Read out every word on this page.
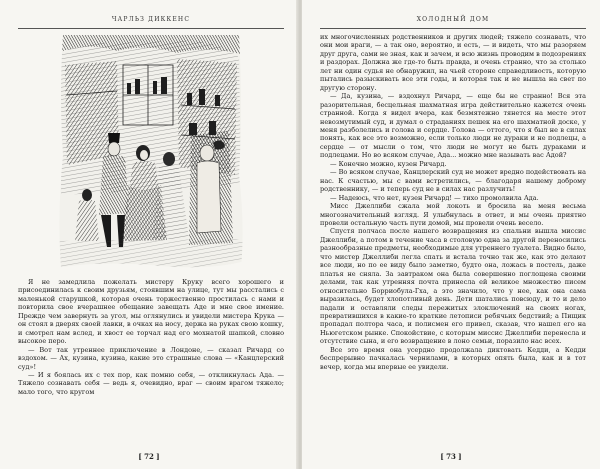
ЧАРЛЬЗ ДИККЕНС

Я не замедлила пожелать мистеру Круку всего хорошего и присоединилась к своим друзьям, стоявшим на улице, тут мы расстались с маленькой старушкой, которая очень торжественно простилась с нами и повторила свое вчерашнее обещание завещать Аде и мне свое имение. Прежде чем завернуть за угол, мы оглянулись и увидели мистера Крука — он стоял в дверях своей лавки, в очках на носу, держа на руках свою кошку, и смотрел нам вслед, и хвост ее торчал над его мохнатой шапкой, словно высокое перо.

— Вот так утреннее приключение в Лондоне, — сказал Ричард со вздохом. — Ах, кузина, кузина, какие это страшные слова — «Канцлерский суд»!

— И я боялась их с тех пор, как помню себя, — откликнулась Ада. — Тяжело сознавать себя — ведь я, очевидно, враг — своим врагом тяжело; мало того, что кругом

[ 72 ]
ХОЛОДНЫЙ ДОМ

их многочисленных родственников и других людей; тяжело сознавать, что они мои враги, — а так оно, вероятно, и есть, — и видеть, что мы разоряем друг друга, сами не зная, как и зачем, и всю жизнь проводим в подозрениях и раздорах. Должна же где-то быть правда, и очень странно, что за столько лет ни один судья не обнаружил, на чьей стороне справедливость, которую пытались разыскивать все эти годы, и которая так и не вышла на свет по другую сторону.

— Да, кузина, — вздохнул Ричард, — еще бы не странно! Вся эта разорительная, бесцельная шахматная игра действительно кажется очень странной. Когда я видел вчера, как безмятежно тянется на месте этот невозмутимый суд, и думал о страданиях пешек на его шахматной доске, у меня разболелись и голова и сердце. Голова — оттого, что я был не в силах понять, как все это возможно, если только люди не дураки и не подлецы, а сердце — от мысли о том, что люди не могут не быть дураками и подлецами. Но во всяком случае, Ада... можно мне называть вас Адой?

— Конечно можно, кузен Ричард.

— Во всяком случае, Канцлерский суд не может вредно подействовать на нас. К счастью, мы с вами встретились, — благодаря нашему доброму родственнику, — и теперь суд не в силах нас разлучить!

— Надеюсь, что нет, кузен Ричард! — тихо промолвила Ада.

Мисс Джеллиби сжала мой локоть и бросила на меня весьма многозначительный взгляд. Я улыбнулась в ответ, и мы очень приятно провели остальную часть пути домой, мы провели очень весело.

Спустя полчаса после нашего возвращения из спальни вышла миссис Джеллиби, а потом в течение часа в столовую одна за другой переносились разнообразные предметы, необходимые для утреннего туалета. Видно было, что мистер Джеллиби легла спать и встала точно так же, как это делают все люди, но по ее виду было заметно, будто она, ложась в постель, даже платья не сняла. За завтраком она была совершенно поглощена своими делами, так как утренняя почта принесла ей великое множество писем относительно Борриобула-Гха, а это значило, что у нее, как она сама выразилась, будет хлопотливый день. Дети шатались повсюду, и то и дело падали и оставляли следы пережитых злоключений на своих ногах, превратившихся в какие-то краткие летописи ребячьих бедствий; а Пищик пропадал полтора часа, и полисмен его привел, сказав, что нашел его на Ньюгетском рынке. Спокойствие, с которым миссис Джеллиби перенесла и отсутствие сына, и его возвращение в лоно семьи, поразило нас всех.

Все это время она усердно продолжала диктовать Кедди, а Кедди беспрерывно пачкалась чернилами, в которых опять была, как и в тот вечер, когда мы впервые ее увидели.

[ 73 ]
